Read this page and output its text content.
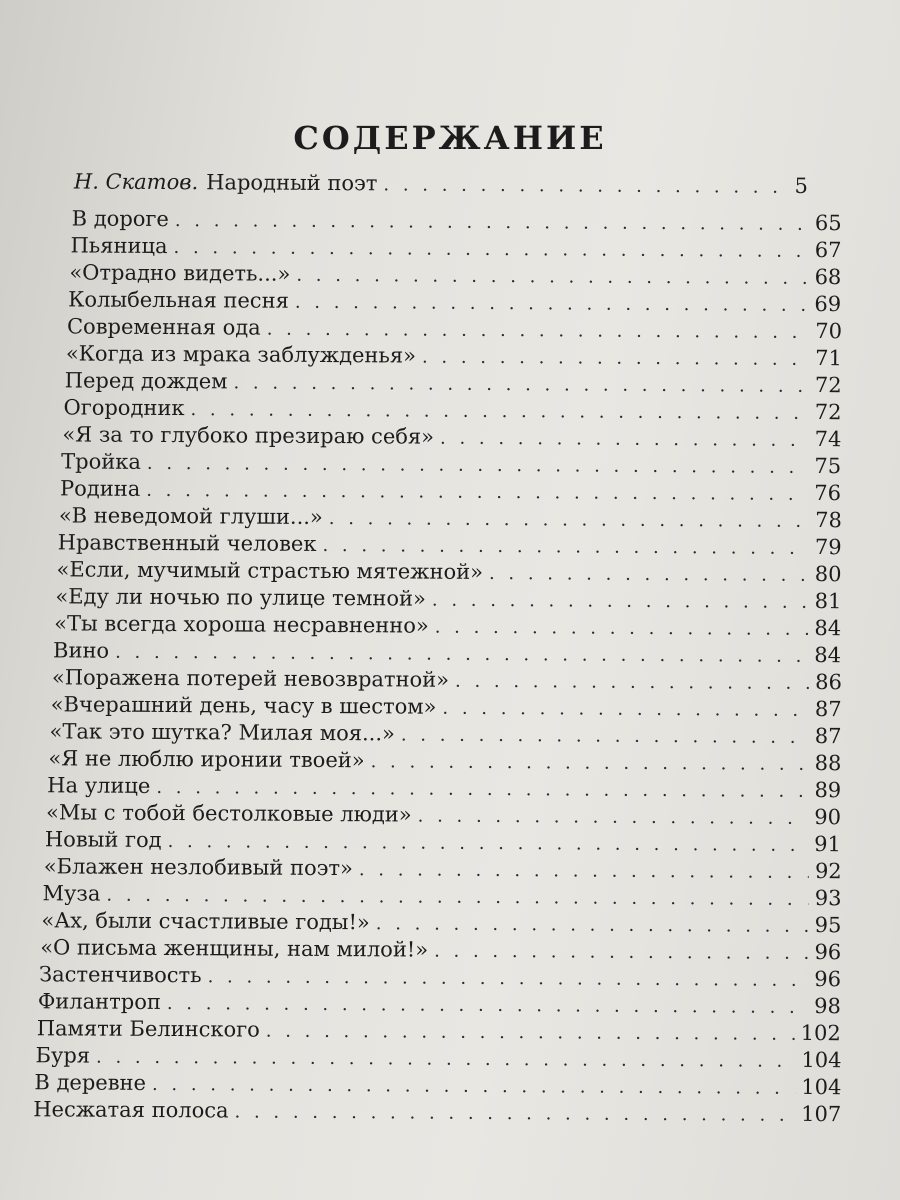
СОДЕРЖАНИЕ
Н. Скатов. Народный поэт . . .	5
В дороге . . .	65
Пьяница . . .	67
«Отрадно видеть...» . . .	68
Колыбельная песня . . .	69
Современная ода . . .	70
«Когда из мрака заблужденья» . . .	71
Перед дождем . . .	72
Огородник . . .	72
«Я за то глубоко презираю себя» . . .	74
Тройка . . .	75
Родина . . .	76
«В неведомой глуши...» . . .	78
Нравственный человек . . .	79
«Если, мучимый страстью мятежной» . . .	80
«Еду ли ночью по улице темной» . . .	81
«Ты всегда хороша несравненно» . . .	84
Вино . . .	84
«Поражена потерей невозвратной» . . .	86
«Вчерашний день, часу в шестом» . . .	87
«Так это шутка? Милая моя...» . . .	87
«Я не люблю иронии твоей» . . .	88
На улице . . .	89
«Мы с тобой бестолковые люди» . . .	90
Новый год . . .	91
«Блажен незлобивый поэт» . . .	92
Муза . . .	93
«Ах, были счастливые годы!» . . .	95
«О письма женщины, нам милой!» . . .	96
Застенчивость . . .	96
Филантроп . . .	98
Памяти Белинского . . .	102
Буря . . .	104
В деревне . . .	104
Несжатая полоса . . .	107
